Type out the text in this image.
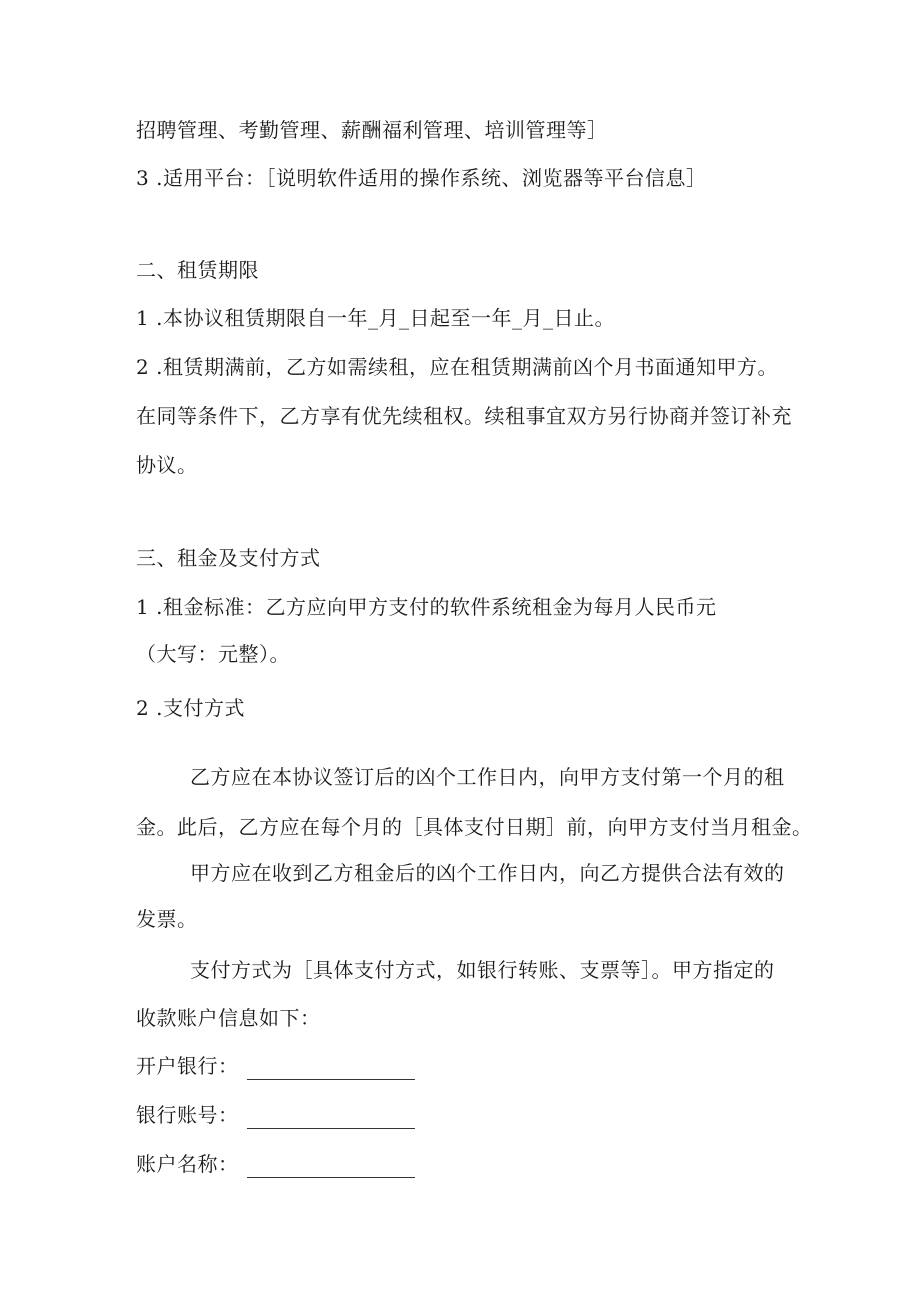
招聘管理、考勤管理、薪酬福利管理、培训管理等］
3 .适用平台：［说明软件适用的操作系统、浏览器等平台信息］
二、租赁期限
1 .本协议租赁期限自一年_月_日起至一年_月_日止。
2 .租赁期满前，乙方如需续租，应在租赁期满前凶个月书面通知甲方。
在同等条件下，乙方享有优先续租权。续租事宜双方另行协商并签订补充
协议。
三、租金及支付方式
1 .租金标准：乙方应向甲方支付的软件系统租金为每月人民币元
（大写：元整）。
2 .支付方式
乙方应在本协议签订后的凶个工作日内，向甲方支付第一个月的租
金。此后，乙方应在每个月的［具体支付日期］前，向甲方支付当月租金。
甲方应在收到乙方租金后的凶个工作日内，向乙方提供合法有效的
发票。
支付方式为［具体支付方式，如银行转账、支票等］。甲方指定的
收款账户信息如下：
开户银行：
银行账号：
账户名称：
